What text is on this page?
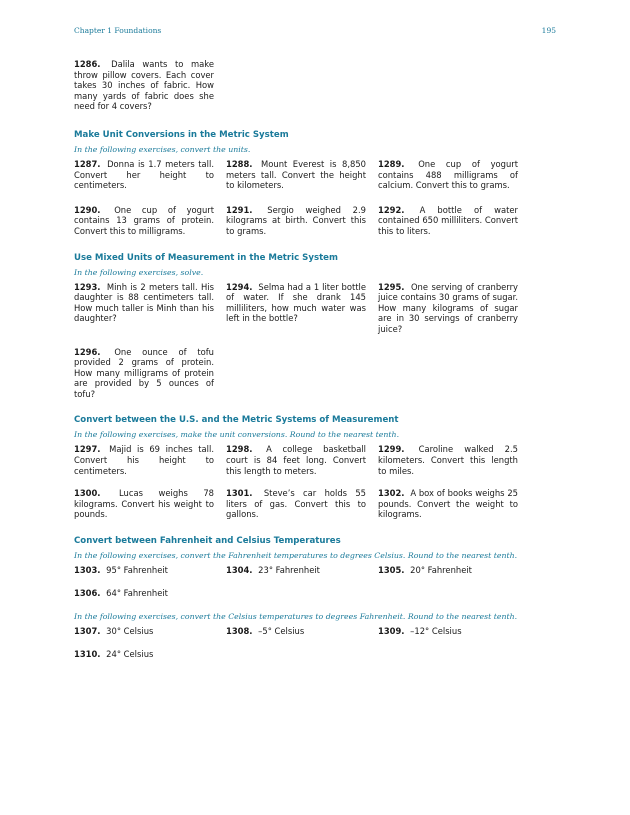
Chapter 1 Foundations	195
1286. Dalila wants to make throw pillow covers. Each cover takes 30 inches of fabric. How many yards of fabric does she need for 4 covers?
Make Unit Conversions in the Metric System
In the following exercises, convert the units.
1287. Donna is 1.7 meters tall. Convert her height to centimeters.
1288. Mount Everest is 8,850 meters tall. Convert the height to kilometers.
1289. One cup of yogurt contains 488 milligrams of calcium. Convert this to grams.
1290. One cup of yogurt contains 13 grams of protein. Convert this to milligrams.
1291. Sergio weighed 2.9 kilograms at birth. Convert this to grams.
1292. A bottle of water contained 650 milliliters. Convert this to liters.
Use Mixed Units of Measurement in the Metric System
In the following exercises, solve.
1293. Minh is 2 meters tall. His daughter is 88 centimeters tall. How much taller is Minh than his daughter?
1294. Selma had a 1 liter bottle of water. If she drank 145 milliliters, how much water was left in the bottle?
1295. One serving of cranberry juice contains 30 grams of sugar. How many kilograms of sugar are in 30 servings of cranberry juice?
1296. One ounce of tofu provided 2 grams of protein. How many milligrams of protein are provided by 5 ounces of tofu?
Convert between the U.S. and the Metric Systems of Measurement
In the following exercises, make the unit conversions. Round to the nearest tenth.
1297. Majid is 69 inches tall. Convert his height to centimeters.
1298. A college basketball court is 84 feet long. Convert this length to meters.
1299. Caroline walked 2.5 kilometers. Convert this length to miles.
1300. Lucas weighs 78 kilograms. Convert his weight to pounds.
1301. Steve’s car holds 55 liters of gas. Convert this to gallons.
1302. A box of books weighs 25 pounds. Convert the weight to kilograms.
Convert between Fahrenheit and Celsius Temperatures
In the following exercises, convert the Fahrenheit temperatures to degrees Celsius. Round to the nearest tenth.
1303. 95° Fahrenheit	1304. 23° Fahrenheit	1305. 20° Fahrenheit
1306. 64° Fahrenheit
In the following exercises, convert the Celsius temperatures to degrees Fahrenheit. Round to the nearest tenth.
1307. 30° Celsius	1308. –5° Celsius	1309. –12° Celsius
1310. 24° Celsius
